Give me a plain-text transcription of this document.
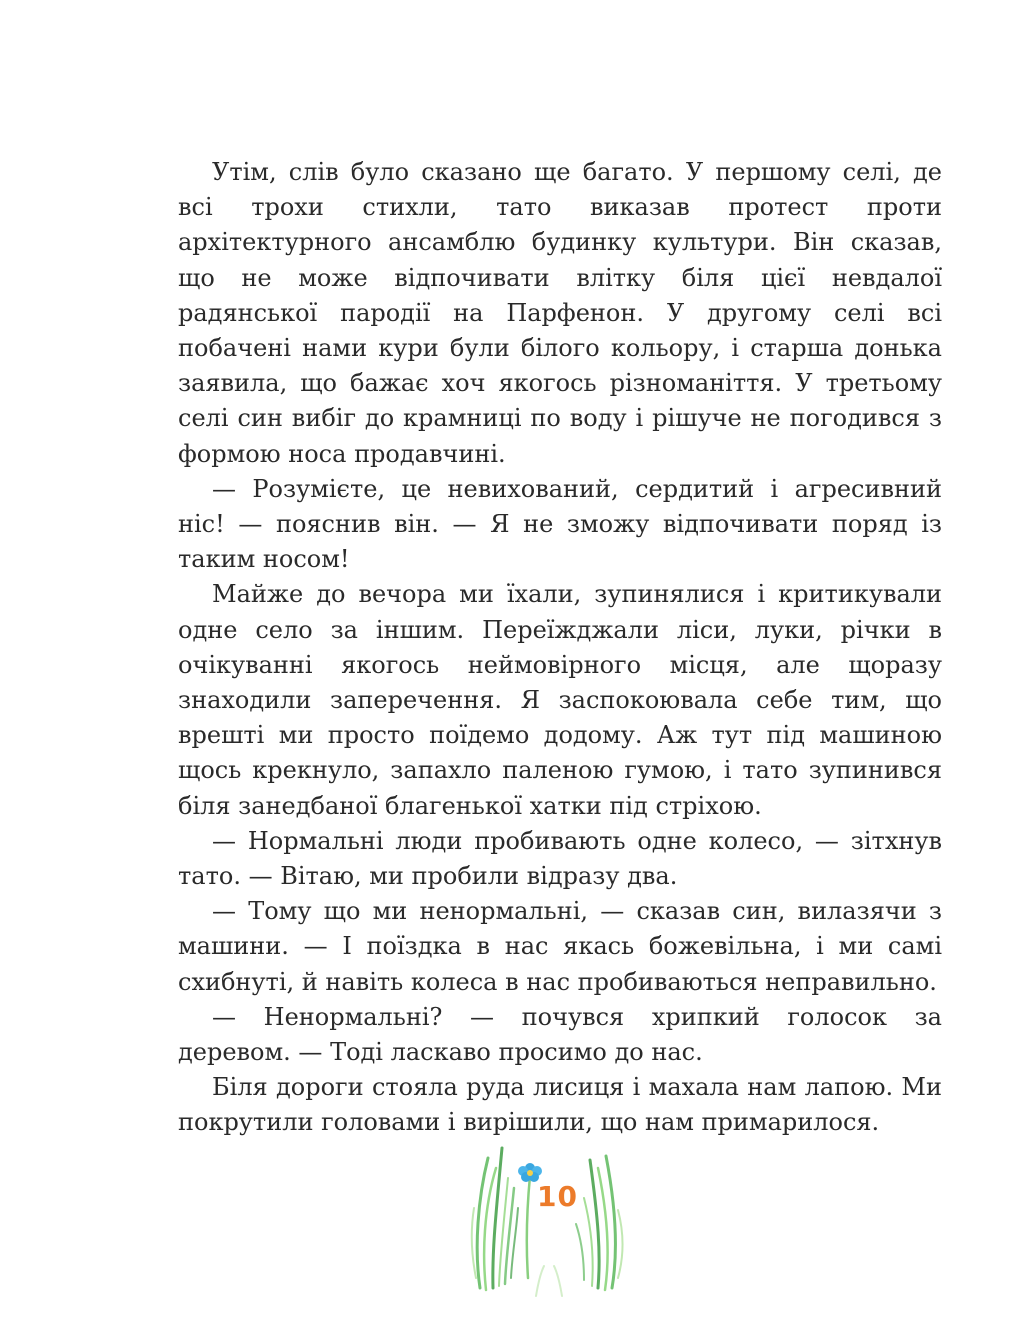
Утім, слів було сказано ще багато. У першому селі, де всі трохи стихли, тато виказав протест проти архітектурного ансамблю будинку культури. Він сказав, що не може відпочивати влітку біля цієї невдалої радянської пародії на Парфенон. У другому селі всі побачені нами кури були білого кольору, і старша донька заявила, що бажає хоч якогось різноманіття. У третьому селі син вибіг до крамниці по воду і рішуче не погодився з формою носа продавчині.

— Розумієте, це невихований, сердитий і агресивний ніс! — пояснив він. — Я не зможу відпочивати поряд із таким носом!

Майже до вечора ми їхали, зупинялися і критикували одне село за іншим. Переїжджали ліси, луки, річки в очікуванні якогось неймовірного місця, але щоразу знаходили заперечення. Я заспокоювала себе тим, що врешті ми просто поїдемо додому. Аж тут під машиною щось крекнуло, запахло паленою гумою, і тато зупинився біля занедбаної благенької хатки під стріхою.

— Нормальні люди пробивають одне колесо, — зітхнув тато. — Вітаю, ми пробили відразу два.

— Тому що ми ненормальні, — сказав син, вилазячи з машини. — І поїздка в нас якась божевільна, і ми самі схибнуті, й навіть колеса в нас пробиваються неправильно.

— Ненормальні? — почувся хрипкий голосок за деревом. — Тоді ласкаво просимо до нас.

Біля дороги стояла руда лисиця і махала нам лапою. Ми покрутили головами і вирішили, що нам примарилося.

10
